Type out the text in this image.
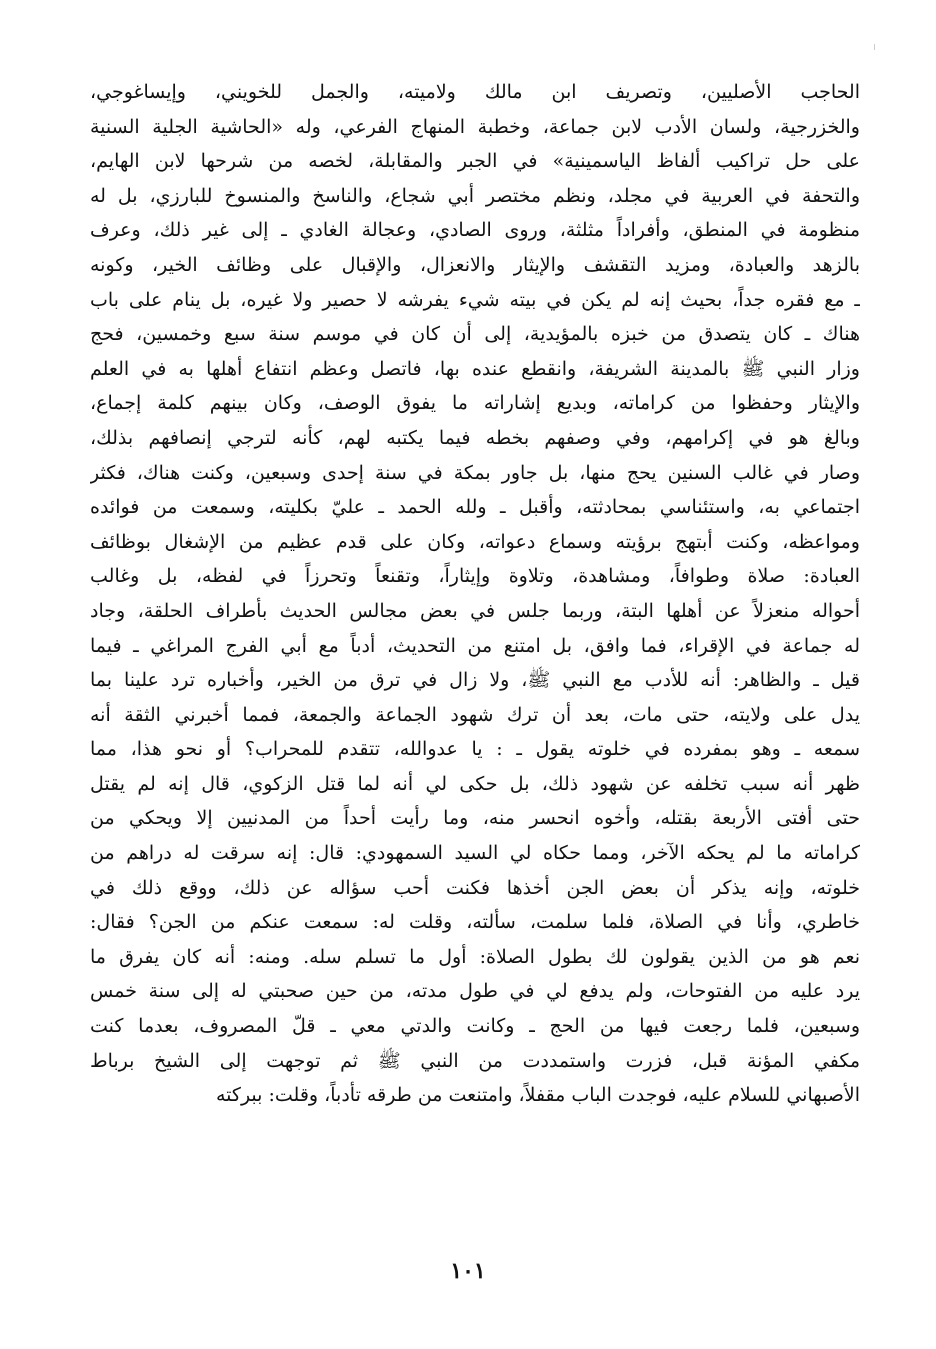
الحاجب الأصليين، وتصريف ابن مالك ولاميته، والجمل للخويني، وإيساغوجي،
والخزرجية، ولسان الأدب لابن جماعة، وخطبة المنهاج الفرعي، وله «الحاشية الجلية السنية
على حل تراكيب ألفاظ الياسمينية» في الجبر والمقابلة، لخصه من شرحها لابن الهايم،
والتحفة في العربية في مجلد، ونظم مختصر أبي شجاع، والناسخ والمنسوخ للبارزي، بل له
منظومة في المنطق، وأفراداً مثلثة، وروى الصادي، وعجالة الغادي ـ إلى غير ذلك، وعرف
بالزهد والعبادة، ومزيد التقشف والإيثار والانعزال، والإقبال على وظائف الخير، وكونه
ـ مع فقره جداً، بحيث إنه لم يكن في بيته شيء يفرشه لا حصير ولا غيره، بل ينام على باب
هناك ـ كان يتصدق من خبزه بالمؤيدية، إلى أن كان في موسم سنة سبع وخمسين، فحج
وزار النبي ﷺ بالمدينة الشريفة، وانقطع عنده بها، فاتصل وعظم انتفاع أهلها به في العلم
والإيثار وحفظوا من كراماته، وبديع إشاراته ما يفوق الوصف، وكان بينهم كلمة إجماع،
وبالغ هو في إكرامهم، وفي وصفهم بخطه فيما يكتبه لهم، كأنه لترجي إنصافهم بذلك،
وصار في غالب السنين يحج منها، بل جاور بمكة في سنة إحدى وسبعين، وكنت هناك، فكثر
اجتماعي به، واستئناسي بمحادثته، وأقبل ـ ولله الحمد ـ عليّ بكليته، وسمعت من فوائده
ومواعظه، وكنت أبتهج برؤيته وسماع دعواته، وكان على قدم عظيم من الإشغال بوظائف
العبادة: صلاة وطوافاً، ومشاهدة، وتلاوة وإيثاراً، وتقنعاً وتحرزاً في لفظه، بل وغالب
أحواله منعزلاً عن أهلها البتة، وربما جلس في بعض مجالس الحديث بأطراف الحلقة، وجاد
له جماعة في الإقراء، فما وافق، بل امتنع من التحديث، أدباً مع أبي الفرج المراغي ـ فيما
قيل ـ والظاهر: أنه للأدب مع النبي ﷺ، ولا زال في ترق من الخير، وأخباره ترد علينا بما
يدل على ولايته، حتى مات، بعد أن ترك شهود الجماعة والجمعة، فمما أخبرني الثقة أنه
سمعه ـ وهو بمفرده في خلوته يقول ـ : يا عدوالله، تتقدم للمحراب؟ أو نحو هذا، مما
ظهر أنه سبب تخلفه عن شهود ذلك، بل حكى لي أنه لما قتل الزكوي، قال إنه لم يقتل
حتى أفتى الأربعة بقتله، وأخوه انحسر منه، وما رأيت أحداً من المدنيين إلا ويحكي من
كراماته ما لم يحكه الآخر، ومما حكاه لي السيد السمهودي: قال: إنه سرقت له دراهم من
خلوته، وإنه يذكر أن بعض الجن أخذها فكنت أحب سؤاله عن ذلك، ووقع ذلك في
خاطري، وأنا في الصلاة، فلما سلمت، سألته، وقلت له: سمعت عنكم من الجن؟ فقال:
نعم هو من الذين يقولون لك بطول الصلاة: أول ما تسلم سله. ومنه: أنه كان يفرق ما
يرد عليه من الفتوحات، ولم يدفع لي في طول مدته، من حين صحبتي له إلى سنة خمس
وسبعين، فلما رجعت فيها من الحج ـ وكانت والدتي معي ـ قلّ المصروف، بعدما كنت
مكفي المؤنة قبل، فزرت واستمددت من النبي ﷺ ثم توجهت إلى الشيخ برباط
الأصبهاني للسلام عليه، فوجدت الباب مقفلاً، وامتنعت من طرقه تأدباً، وقلت: ببركته
١٠١
